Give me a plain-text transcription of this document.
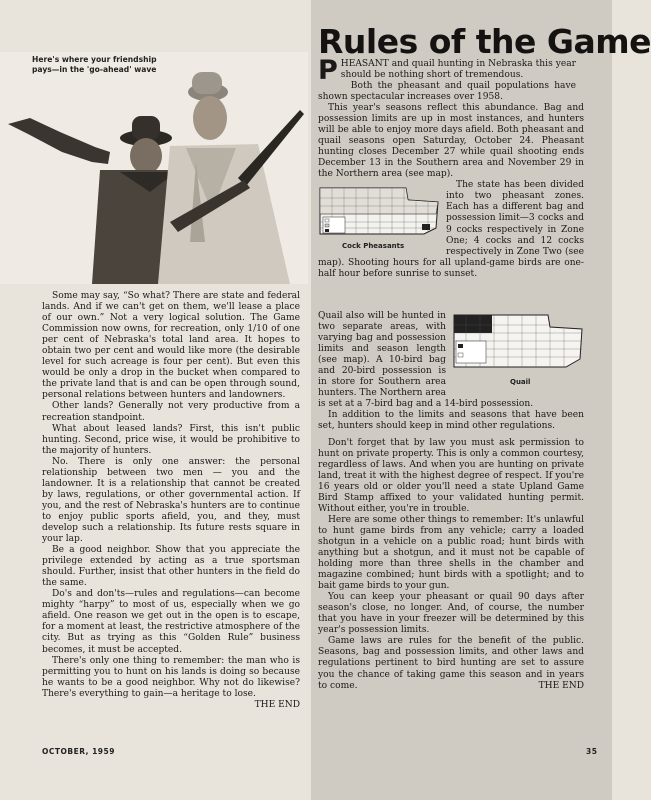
Here's where your friendship
pays—in the 'go-ahead' wave

Some may say, “So what? There are state and federal lands. And if we can't get on them, we'll lease a place of our own.” Not a very logical solution. The Game Commission now owns, for recreation, only 1/10 of one per cent of Nebraska's total land area. It hopes to obtain two per cent and would like more (the desirable level for such acreage is four per cent). But even this would be only a drop in the bucket when compared to the private land that is and can be open through sound, personal relations between hunters and landowners.

Other lands? Generally not very productive from a recreation standpoint.

What about leased lands? First, this isn't public hunting. Second, price wise, it would be prohibitive to the majority of hunters.

No. There is only one answer: the personal relationship between two men — you and the landowner. It is a relationship that cannot be created by laws, regulations, or other governmental action. If you, and the rest of Nebraska's hunters are to continue to enjoy public sports afield, you, and they, must develop such a relationship. Its future rests square in your lap.

Be a good neighbor. Show that you appreciate the privilege extended by acting as a true sportsman should. Further, insist that other hunters in the field do the same.

Do's and don'ts—rules and regulations—can become mighty “harpy” to most of us, especially when we go afield. One reason we get out in the open is to escape, for a moment at least, the restrictive atmosphere of the city. But as trying as this “Golden Rule” business becomes, it must be accepted.

There's only one thing to remember: the man who is permitting you to hunt on his lands is doing so because he wants to be a good neighbor. Why not do likewise? There's everything to gain—a heritage to lose.
THE END

Rules of the Game

PHEASANT and quail hunting in Nebraska this year should be nothing short of tremendous.

Both the pheasant and quail populations have shown spectacular increases over 1958.

This year's seasons reflect this abundance. Bag and possession limits are up in most instances, and hunters will be able to enjoy more days afield. Both pheasant and quail seasons open Saturday, October 24. Pheasant hunting closes December 27 while quail shooting ends December 13 in the Southern area and November 29 in the Northern area (see map).

Cock Pheasants

The state has been divided into two pheasant zones. Each has a different bag and possession limit—3 cocks and 9 cocks respectively in Zone One; 4 cocks and 12 cocks respectively in Zone Two (see map). Shooting hours for all upland-game birds are one-half hour before sunrise to sunset.

Quail

Quail also will be hunted in two separate areas, with varying bag and possession limits and season length (see map). A 10-bird bag and 20-bird possession is in store for Southern area hunters. The Northern area is set at a 7-bird bag and a 14-bird possession.

In addition to the limits and seasons that have been set, hunters should keep in mind other regulations.

Don't forget that by law you must ask permission to hunt on private property. This is only a common courtesy, regardless of laws. And when you are hunting on private land, treat it with the highest degree of respect. If you're 16 years old or older you'll need a state Upland Game Bird Stamp affixed to your validated hunting permit. Without either, you're in trouble.

Here are some other things to remember: It's unlawful to hunt game birds from any vehicle; carry a loaded shotgun in a vehicle on a public road; hunt birds with anything but a shotgun, and it must not be capable of holding more than three shells in the chamber and magazine combined; hunt birds with a spotlight; and to bait game birds to your gun.

You can keep your pheasant or quail 90 days after season's close, no longer. And, of course, the number that you have in your freezer will be determined by this year's possession limits.

Game laws are rules for the benefit of the public. Seasons, bag and possession limits, and other laws and regulations pertinent to bird hunting are set to assure you the chance of taking game this season and in years to come.	THE END

OCTOBER, 1959	35
